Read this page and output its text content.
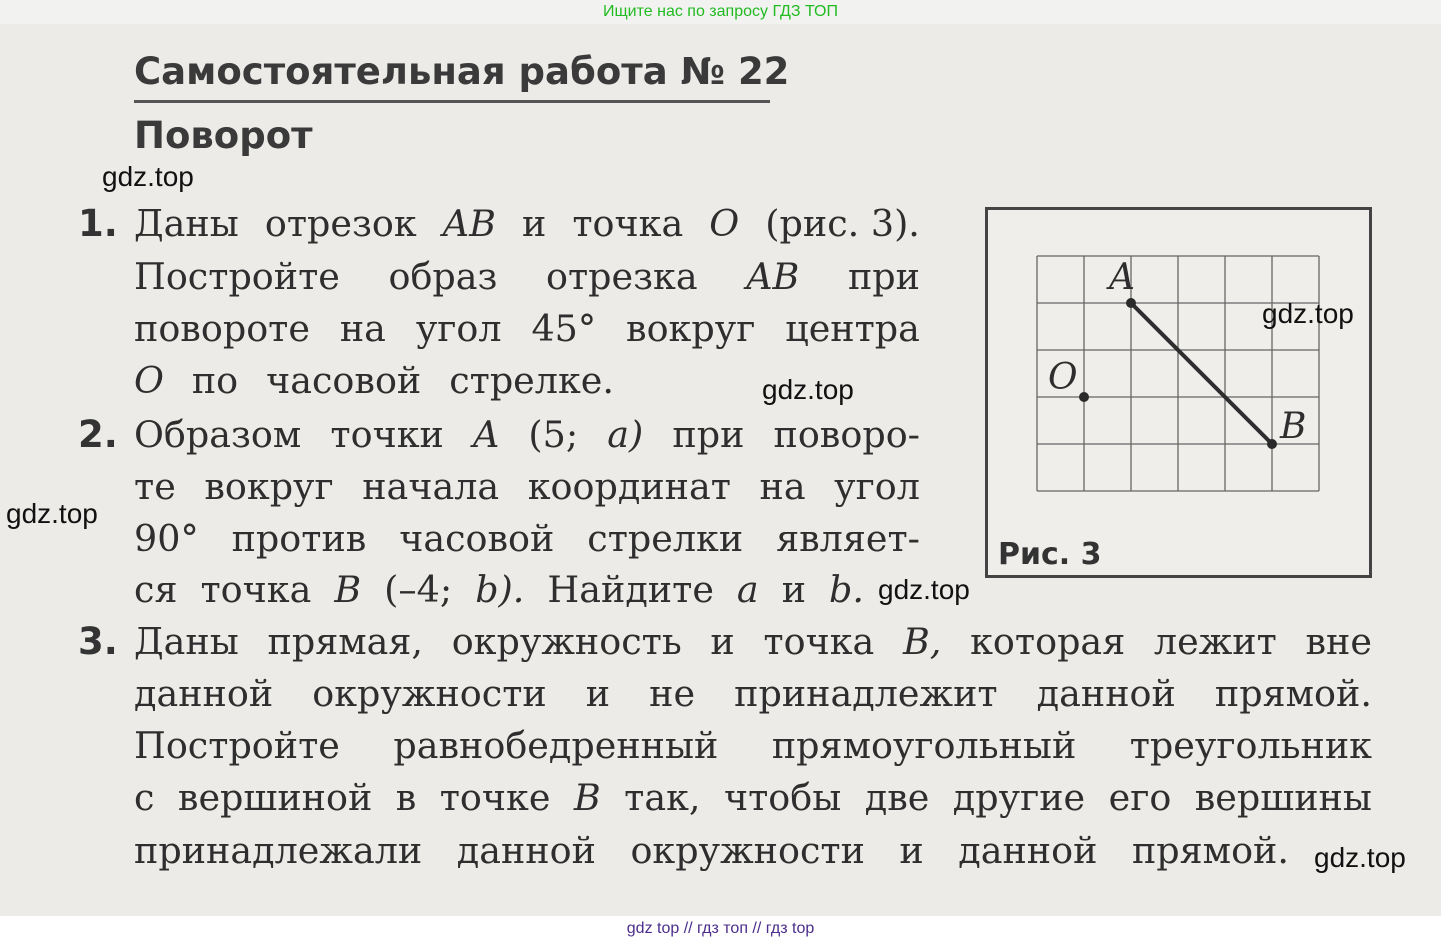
Ищите нас по запросу ГДЗ ТОП
Самостоятельная работа № 22
Поворот
1.
2.
3.
Даны отрезок AB и точка O (рис. 3).
Постройте образ отрезка AB при
повороте на угол 45° вокруг центра
O по часовой стрелке.
Образом точки A (5; a) при поворо-
те вокруг начала координат на угол
90° против часовой стрелки являет-
ся точка B (–4; b). Найдите a и b.
Даны прямая, окружность и точка B, которая лежит вне
данной окружности и не принадлежит данной прямой.
Постройте равнобедренный прямоугольный треугольник
с вершиной в точке B так, чтобы две другие его вершины
принадлежали данной окружности и данной прямой.
A
B
O
Рис. 3
gdz.top
gdz.top
gdz.top
gdz.top
gdz.top
gdz.top
gdz top // гдз топ // гдз top
